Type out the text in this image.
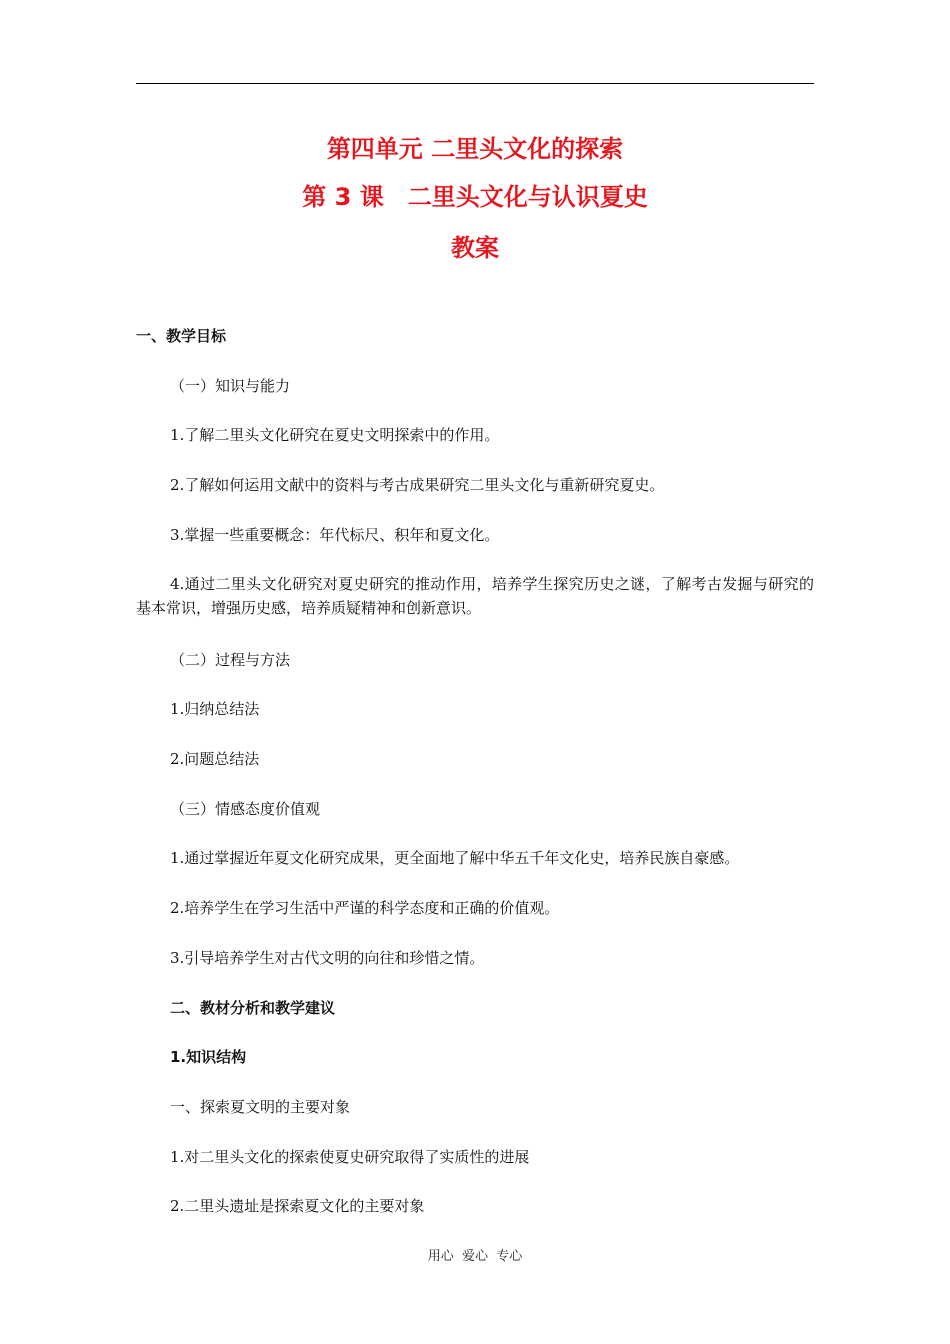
第四单元 二里头文化的探索
第 3 课　二里头文化与认识夏史
教案
一、教学目标
（一）知识与能力
1.了解二里头文化研究在夏史文明探索中的作用。
2.了解如何运用文献中的资料与考古成果研究二里头文化与重新研究夏史。
3.掌握一些重要概念：年代标尺、积年和夏文化。
4.通过二里头文化研究对夏史研究的推动作用，培养学生探究历史之谜，了解考古发掘与研究的基本常识，增强历史感，培养质疑精神和创新意识。
（二）过程与方法
1.归纳总结法
2.问题总结法
（三）情感态度价值观
1.通过掌握近年夏文化研究成果，更全面地了解中华五千年文化史，培养民族自豪感。
2.培养学生在学习生活中严谨的科学态度和正确的价值观。
3.引导培养学生对古代文明的向往和珍惜之情。
二、教材分析和教学建议
1.知识结构
一、探索夏文明的主要对象
1.对二里头文化的探索使夏史研究取得了实质性的进展
2.二里头遗址是探索夏文化的主要对象
用心  爱心  专心
